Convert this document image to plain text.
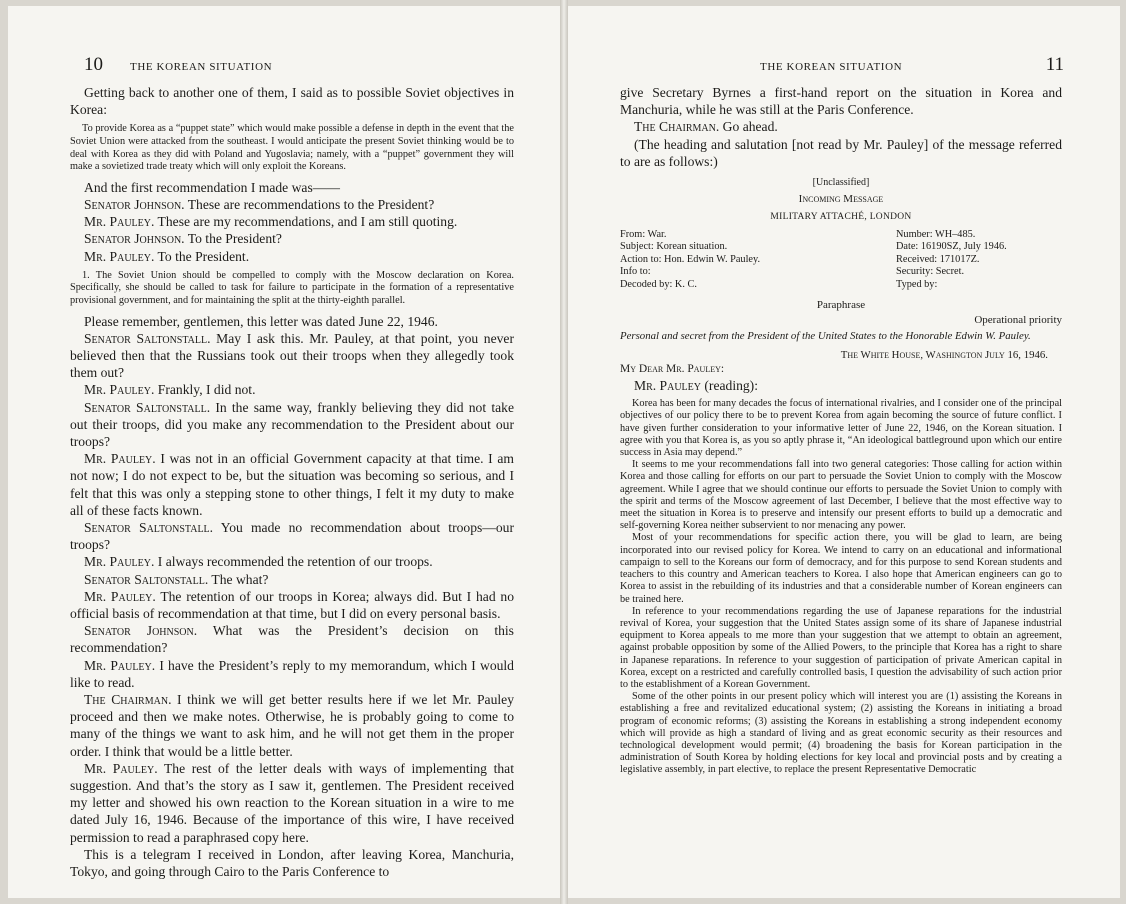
10	THE KOREAN SITUATION

Getting back to another one of them, I said as to possible Soviet objectives in Korea:

To provide Korea as a “puppet state” which would make possible a defense in depth in the event that the Soviet Union were attacked from the southeast. I would anticipate the present Soviet thinking would be to deal with Korea as they did with Poland and Yugoslavia; namely, with a “puppet” government they will make a sovietized trade treaty which will only exploit the Koreans.

And the first recommendation I made was——

Senator Johnson. These are recommendations to the President?

Mr. Pauley. These are my recommendations, and I am still quoting.

Senator Johnson. To the President?

Mr. Pauley. To the President.

1. The Soviet Union should be compelled to comply with the Moscow declaration on Korea. Specifically, she should be called to task for failure to participate in the formation of a representative provisional government, and for maintaining the split at the thirty-eighth parallel.

Please remember, gentlemen, this letter was dated June 22, 1946.

Senator Saltonstall. May I ask this. Mr. Pauley, at that point, you never believed then that the Russians took out their troops when they allegedly took them out?

Mr. Pauley. Frankly, I did not.

Senator Saltonstall. In the same way, frankly believing they did not take out their troops, did you make any recommendation to the President about our troops?

Mr. Pauley. I was not in an official Government capacity at that time. I am not now; I do not expect to be, but the situation was becoming so serious, and I felt that this was only a stepping stone to other things, I felt it my duty to make all of these facts known.

Senator Saltonstall. You made no recommendation about troops—our troops?

Mr. Pauley. I always recommended the retention of our troops.

Senator Saltonstall. The what?

Mr. Pauley. The retention of our troops in Korea; always did. But I had no official basis of recommendation at that time, but I did on every personal basis.

Senator Johnson. What was the President’s decision on this recommendation?

Mr. Pauley. I have the President’s reply to my memorandum, which I would like to read.

The Chairman. I think we will get better results here if we let Mr. Pauley proceed and then we make notes. Otherwise, he is probably going to come to many of the things we want to ask him, and he will not get them in the proper order. I think that would be a little better.

Mr. Pauley. The rest of the letter deals with ways of implementing that suggestion. And that’s the story as I saw it, gentlemen. The President received my letter and showed his own reaction to the Korean situation in a wire to me dated July 16, 1946. Because of the importance of this wire, I have received permission to read a paraphrased copy here.

This is a telegram I received in London, after leaving Korea, Manchuria, Tokyo, and going through Cairo to the Paris Conference to

THE KOREAN SITUATION	11

give Secretary Byrnes a first-hand report on the situation in Korea and Manchuria, while he was still at the Paris Conference.

The Chairman. Go ahead.

(The heading and salutation [not read by Mr. Pauley] of the message referred to are as follows:)

[Unclassified]
Incoming Message
MILITARY ATTACHÉ, LONDON
From: War.
Subject: Korean situation.
Action to: Hon. Edwin W. Pauley.
Info to:
Decoded by: K. C.
Number: WH–485.
Date: 16190SZ, July 1946.
Received: 171017Z.
Security: Secret.
Typed by:
Paraphrase
Operational priority
Personal and secret from the President of the United States to the Honorable Edwin W. Pauley.
The White House, Washington July 16, 1946.
My Dear Mr. Pauley:

Mr. Pauley (reading):

Korea has been for many decades the focus of international rivalries, and I consider one of the principal objectives of our policy there to be to prevent Korea from again becoming the source of future conflict. I have given further consideration to your informative letter of June 22, 1946, on the Korean situation. I agree with you that Korea is, as you so aptly phrase it, “An ideological battleground upon which our entire success in Asia may depend.”

It seems to me your recommendations fall into two general categories: Those calling for action within Korea and those calling for efforts on our part to persuade the Soviet Union to comply with the Moscow agreement. While I agree that we should continue our efforts to persuade the Soviet Union to comply with the spirit and terms of the Moscow agreement of last December, I believe that the most effective way to meet the situation in Korea is to preserve and intensify our present efforts to build up a democratic and self-governing Korea neither subservient to nor menacing any power.

Most of your recommendations for specific action there, you will be glad to learn, are being incorporated into our revised policy for Korea. We intend to carry on an educational and informational campaign to sell to the Koreans our form of democracy, and for this purpose to send Korean students and teachers to this country and American teachers to Korea. I also hope that American engineers can go to Korea to assist in the rebuilding of its industries and that a considerable number of Korean engineers can be trained here.

In reference to your recommendations regarding the use of Japanese reparations for the industrial revival of Korea, your suggestion that the United States assign some of its share of Japanese industrial equipment to Korea appeals to me more than your suggestion that we attempt to obtain an agreement, against probable opposition by some of the Allied Powers, to the principle that Korea has a right to share in Japanese reparations. In reference to your suggestion of participation of private American capital in Korea, except on a restricted and carefully controlled basis, I question the advisability of such action prior to the establishment of a Korean Government.

Some of the other points in our present policy which will interest you are (1) assisting the Koreans in establishing a free and revitalized educational system; (2) assisting the Koreans in initiating a broad program of economic reforms; (3) assisting the Koreans in establishing a strong independent economy which will provide as high a standard of living and as great economic security as their resources and technological development would permit; (4) broadening the basis for Korean participation in the administration of South Korea by holding elections for key local and provincial posts and by creating a legislative assembly, in part elective, to replace the present Representative Democratic
